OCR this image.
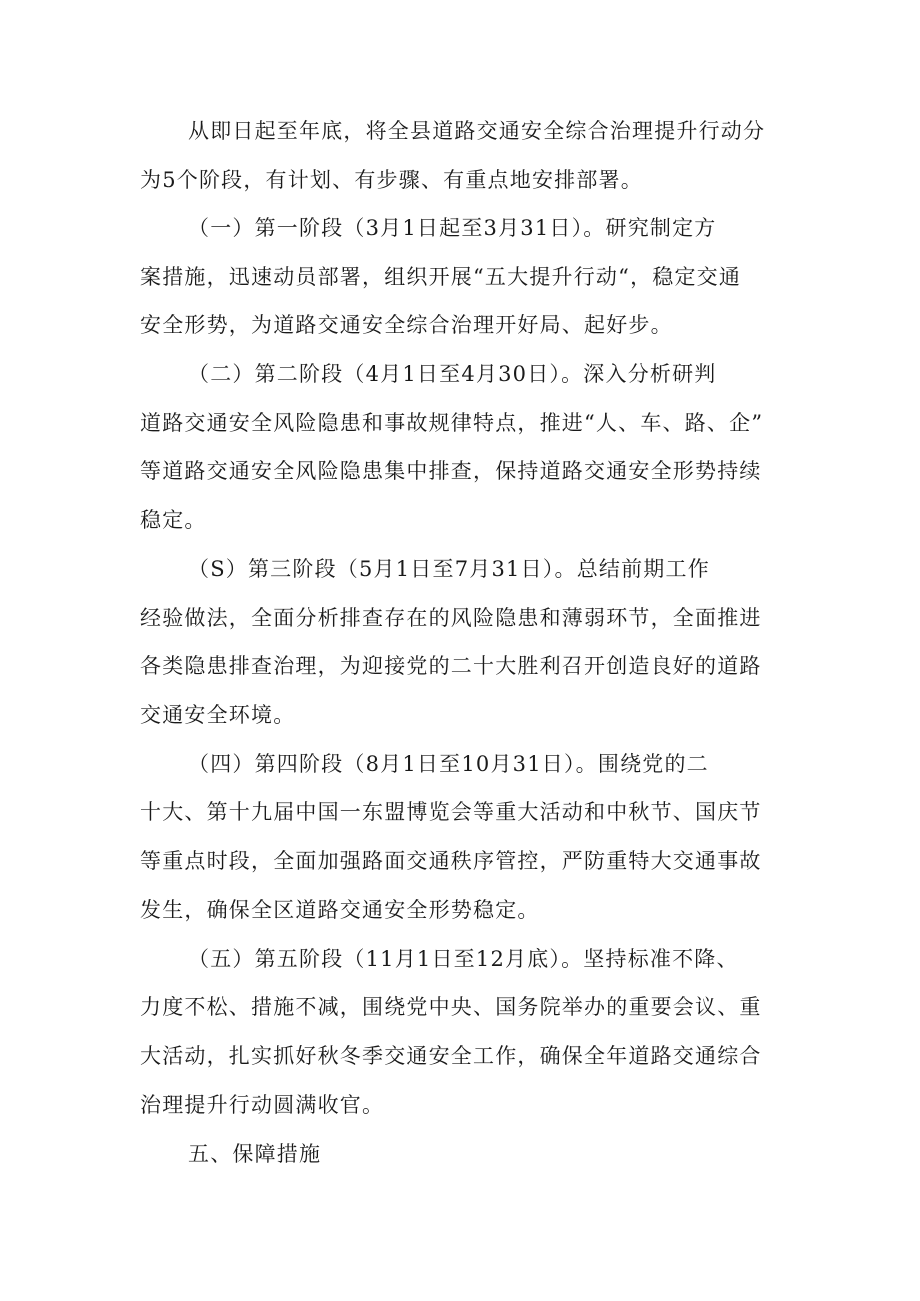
从即日起至年底，将全县道路交通安全综合治理提升行动分
为5个阶段，有计划、有步骤、有重点地安排部署。
（一）第一阶段（3月1日起至3月31日）。研究制定方
案措施，迅速动员部署，组织开展“五大提升行动“，稳定交通
安全形势，为道路交通安全综合治理开好局、起好步。
（二）第二阶段（4月1日至4月30日）。深入分析研判
道路交通安全风险隐患和事故规律特点，推进“人、车、路、企”
等道路交通安全风险隐患集中排查，保持道路交通安全形势持续
稳定。
（S）第三阶段（5月1日至7月31日）。总结前期工作
经验做法，全面分析排查存在的风险隐患和薄弱环节，全面推进
各类隐患排查治理，为迎接党的二十大胜利召开创造良好的道路
交通安全环境。
（四）第四阶段（8月1日至10月31日）。围绕党的二
十大、第十九届中国一东盟博览会等重大活动和中秋节、国庆节
等重点时段，全面加强路面交通秩序管控，严防重特大交通事故
发生，确保全区道路交通安全形势稳定。
（五）第五阶段（11月1日至12月底）。坚持标准不降、
力度不松、措施不减，围绕党中央、国务院举办的重要会议、重
大活动，扎实抓好秋冬季交通安全工作，确保全年道路交通综合
治理提升行动圆满收官。
五、保障措施
